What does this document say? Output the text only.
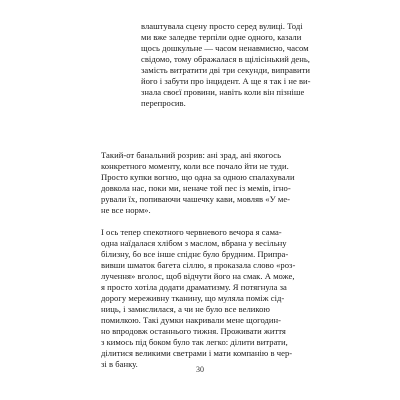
влаштувала сцену просто серед вулиці. Тоді
ми вже заледве терпіли одне одного, казали
щось дошкульне — часом ненавмисно, часом
свідомо, тому ображалася в щілісінький день,
замість витратити дві три секунди, виправити
його і забути про інцидент. А ще я так і не ви-
знала своєї провини, навіть коли він пізніше
перепросив.
Такий-от банальний розрив: ані зрад, ані якогось
конкретного моменту, коли все почало йти не туди.
Просто купки вогню, що одна за одною спалахували
довкола нас, поки ми, неначе той пес із мемів, ігно-
рували їх, попиваючи чашечку кави, мовляв «У ме-
не все норм».
І ось тепер спекотного червневого вечора я сама-
одна наїдалася хлібом з маслом, вбрана у весільну
білизну, бо все інше спіднє було брудним. Припра-
вивши шматок багета сіллю, я проказала слово «роз-
лучення» вголос, щоб відчути його на смак. А може,
я просто хотіла додати драматизму. Я потягнула за
дорогу мереживну тканину, що муляла поміж сід-
ниць, і замислилася, а чи не було все великою
помилкою. Такі думки накривали мене щогодин-
но впродовж останнього тижня. Проживати життя
з кимось під боком було так легко: ділити витрати,
ділитися великими светрами і мати компанію в чер-
зі в банку.
30
